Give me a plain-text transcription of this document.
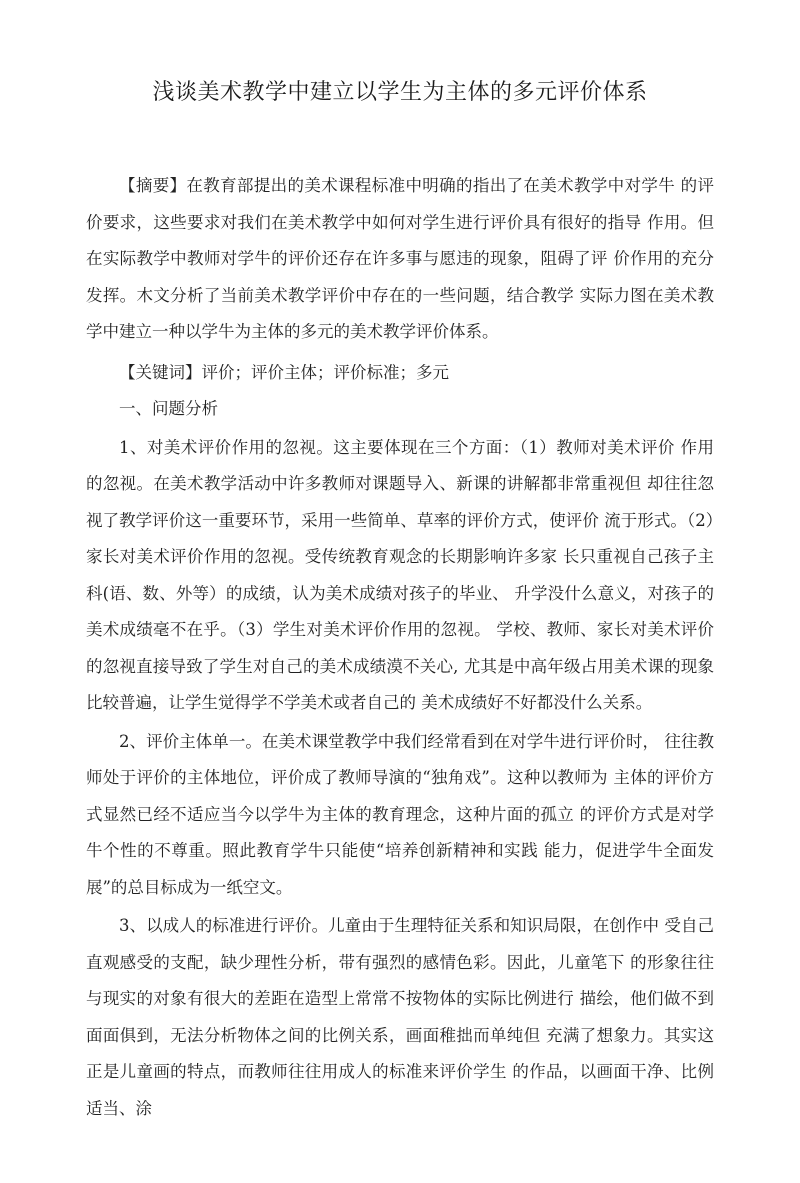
浅谈美术教学中建立以学生为主体的多元评价体系

【摘要】在教育部提出的美术课程标准中明确的指出了在美术教学中对学牛 的评价要求，这些要求对我们在美术教学中如何对学生进行评价具有很好的指导 作用。但在实际教学中教师对学牛的评价还存在许多事与愿违的现象，阻碍了评 价作用的充分发挥。木文分析了当前美术教学评价中存在的一些问题，结合教学 实际力图在美术教学中建立一种以学牛为主体的多元的美术教学评价体系。

【关键词】评价；评价主体；评价标准；多元

一、问题分析

1、对美术评价作用的忽视。这主要体现在三个方面：（1）教师对美术评价 作用的忽视。在美术教学活动中许多教师对课题导入、新课的讲解都非常重视但 却往往忽视了教学评价这一重要环节，采用一些简单、草率的评价方式，使评价 流于形式。（2）家长对美术评价作用的忽视。受传统教育观念的长期影响许多家 长只重视自己孩子主科(语、数、外等）的成绩，认为美术成绩对孩子的毕业、 升学没什么意义，对孩子的美术成绩毫不在乎。（3）学生对美术评价作用的忽视。 学校、教师、家长对美术评价的忽视直接导致了学生对自己的美术成绩漠不关心, 尤其是中高年级占用美术课的现象比较普遍，让学生觉得学不学美术或者自己的 美术成绩好不好都没什么关系。

2、评价主体单一。在美术课堂教学中我们经常看到在对学牛进行评价时， 往往教师处于评价的主体地位，评价成了教师导演的“独角戏”。这种以教师为 主体的评价方式显然已经不适应当今以学牛为主体的教育理念，这种片面的孤立 的评价方式是对学牛个性的不尊重。照此教育学牛只能使“培养创新精神和实践 能力，促进学牛全面发展”的总目标成为一纸空文。

3、以成人的标准进行评价。儿童由于生理特征关系和知识局限，在创作中 受自己直观感受的支配，缺少理性分析，带有强烈的感情色彩。因此，儿童笔下 的形象往往与现实的对象有很大的差距在造型上常常不按物体的实际比例进行 描绘，他们做不到面面俱到，无法分析物体之间的比例关系，画面稚拙而单纯但 充满了想象力。其实这正是儿童画的特点，而教师往往用成人的标准来评价学生 的作品，以画面干净、比例适当、涂
